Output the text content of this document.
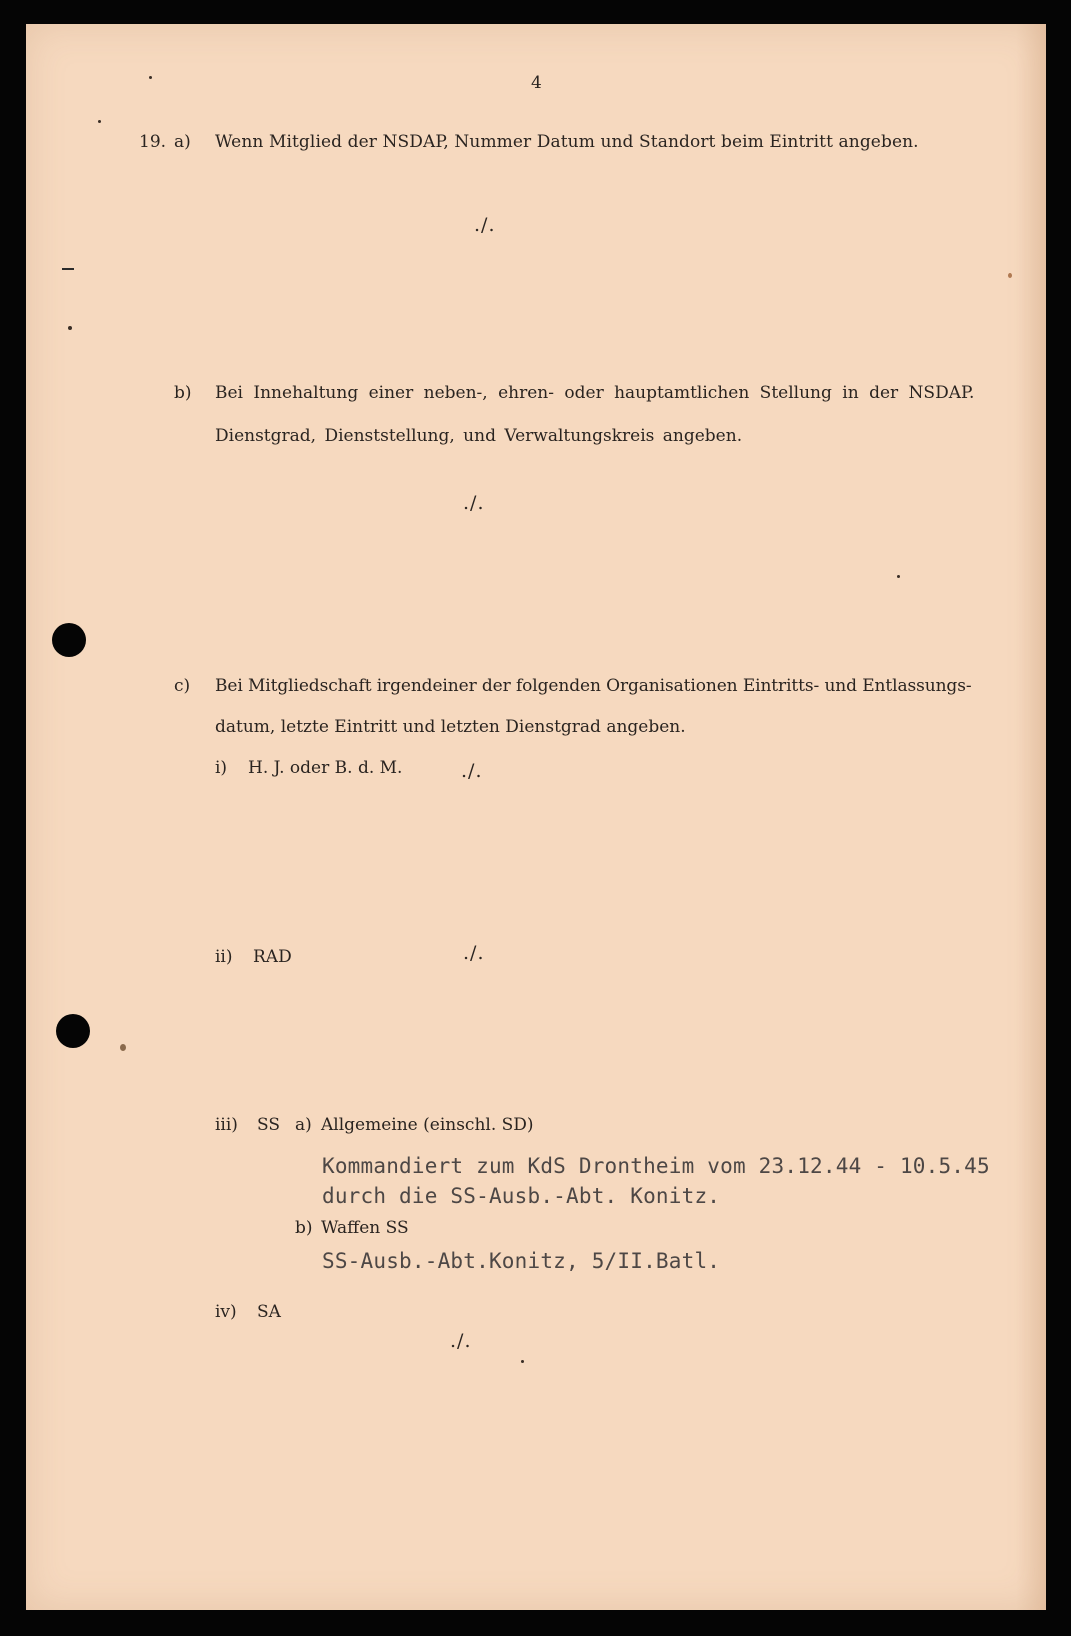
4
19. a) Wenn Mitglied der NSDAP, Nummer Datum und Standort beim Eintritt angeben.
./.
b) Bei Innehaltung einer neben-, ehren- oder hauptamtlichen Stellung in der NSDAP.
Dienstgrad, Dienststellung, und Verwaltungskreis angeben.
./.
c) Bei Mitgliedschaft irgendeiner der folgenden Organisationen Eintritts- und Entlassungs-
datum, letzte Eintritt und letzten Dienstgrad angeben.
i) H. J. oder B. d. M.	./.
ii) RAD	./.
iii) SS a) Allgemeine (einschl. SD)
Kommandiert zum KdS Drontheim vom 23.12.44 - 10.5.45
durch die SS-Ausb.-Abt. Konitz.
b) Waffen SS
SS-Ausb.-Abt.Konitz, 5/II.Batl.
iv) SA
./.
